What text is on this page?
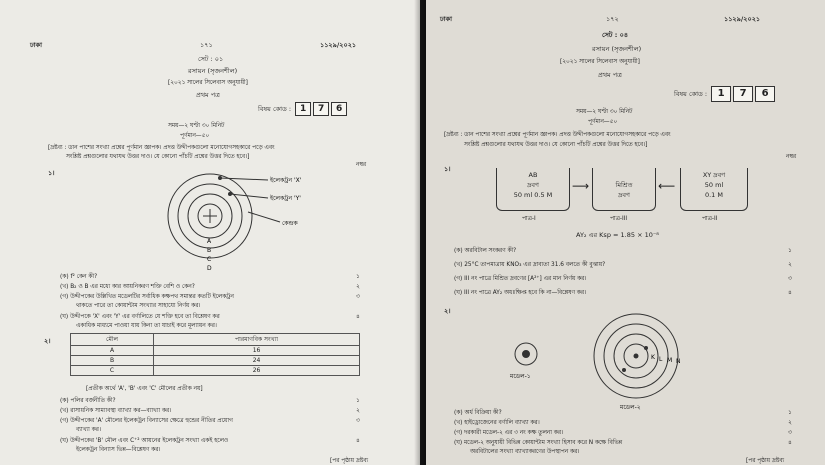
ঢাকা	১৭১	১১২৯/২০২১
সেট : ০১
রসায়ন (সৃজনশীল)
[২০২১ সালের সিলেবাস অনুযায়ী]
প্রথম পত্র
বিষয় কোড : 1 7 6
সময়—২ ঘণ্টা ৩০ মিনিট
পূর্ণমান—৫০
[দ্রষ্টব্য : ডান পাশের সংখ্যা প্রশ্নের পূর্ণমান জ্ঞাপক। প্রদত্ত উদ্দীপকগুলো মনোযোগসহকারে পড়ে এবং
সংশ্লিষ্ট প্রশ্নগুলোর যথাযথ উত্তর দাও। যে কোনো পাঁচটি প্রশ্নের উত্তর দিতে হবে।]
নম্বর
১।
ইলেকট্রন 'X'
ইলেকট্রন 'Y'
কেন্দ্রক
A
B
C
D
(ক) f² কেন কী?	১
(খ) B₂ ও B এর মধ্যে কার আয়নিকরণ শক্তি বেশি ও কেন?	২
(গ) উদ্দীপকের উল্লিখিত মডেলটির সর্বাধিক কক্ষপথ সমান্তর কতটি ইলেকট্রন	৩
থাকতে পারে তা কোয়ান্টাম সংখ্যার সাহায্যে নির্ণয় কর।
(ঘ) উদ্দীপকে 'X' এবং 'Y' এর বর্ণালিতে যে শক্তি হবে তা বিশ্লেষণ কর	৪
একাধিক মাধ্যমে পাওয়া যায় কিনা তা যাচাই করে মূল্যায়ন কর।
২।	মৌল	পারমাণবিক সংখ্যা
A	16
B	24
C	26
[প্রতীক অর্থে 'A', 'B' এবং 'C' মৌলের প্রতীক নয়]
(ক) পলির বর্জনীতি কী?	১
(খ) রাসায়নিক সাম্যাবস্থা ব্যাখ্যা কর—ব্যাখ্যা কর।	২
(গ) উদ্দীপকের 'A' মৌলের ইলেকট্রন বিন্যাসের ক্ষেত্রে হুন্ডের নীতির প্রয়োগ	৩
ব্যাখ্যা কর।
(ঘ) উদ্দীপকের 'B' মৌল এবং C⁺² আয়নের ইলেকট্রন সংখ্যা একই হলেও	৪
ইলেকট্রন বিন্যাস ভিন্ন—বিশ্লেষণ কর।
[পর পৃষ্ঠায় দ্রষ্টব্য
ঢাকা	১৭২	১১২৯/২০২১
সেট : ০৪
রসায়ন (সৃজনশীল)
[২০২১ সালের সিলেবাস অনুযায়ী]
প্রথম পত্র
বিষয় কোড : 1 7 6
সময়—২ ঘণ্টা ৩০ মিনিট
পূর্ণমান—৫০
[দ্রষ্টব্য : ডান পাশের সংখ্যা প্রশ্নের পূর্ণমান জ্ঞাপক। প্রদত্ত উদ্দীপকগুলো মনোযোগসহকারে পড়ে এবং
সংশ্লিষ্ট প্রশ্নগুলোর যথাযথ উত্তর দাও। যে কোনো পাঁচটি প্রশ্নের উত্তর দিতে হবে।]
নম্বর
১।
AB
দ্রবণ
50 ml 0.5 M
পাত্র-I
⟶
	মিশ্রিত
দ্রবণ
পাত্র-III
⟵
XY দ্রবণ
50 ml
0.1 M
পাত্র-II
AY₂ এর Ksp = 1.85 × 10⁻⁸
(ক) অরবিটাল সংকরণ কী?	১
(খ) 25°C তাপমাত্রায় KNO₃ এর দ্রাব্যতা 31.6 বলতে কী বুঝায়?	২
(গ) III নং পাত্রে মিশ্রিত দ্রবণের [A²⁺] এর মান নির্ণয় কর।	৩
(ঘ) III নং পাত্রে AY₂ অধঃক্ষিপ্ত হবে কি না—বিশ্লেষণ কর।	৪
২।
K L M N
মডেল-১
মডেল-২
(ক) অর্ধ বিক্রিয়া কী?	১
(খ) হাইড্রোজেনের বর্ণালি ব্যাখ্যা কর।	২
(গ) দরকারী মডেল-২ এর ৩ নং কক্ষ তুলনা কর।	৩
(ঘ) মডেল-২ অনুযায়ী বিভিন্ন কোয়ান্টাম সংখ্যা হিসাব করে N কক্ষে বিভিন্ন	৪
অরবিটালের সংখ্যা ব্যাখ্যাকরণের উপস্থাপন কর।
[পর পৃষ্ঠায় দ্রষ্টব্য
